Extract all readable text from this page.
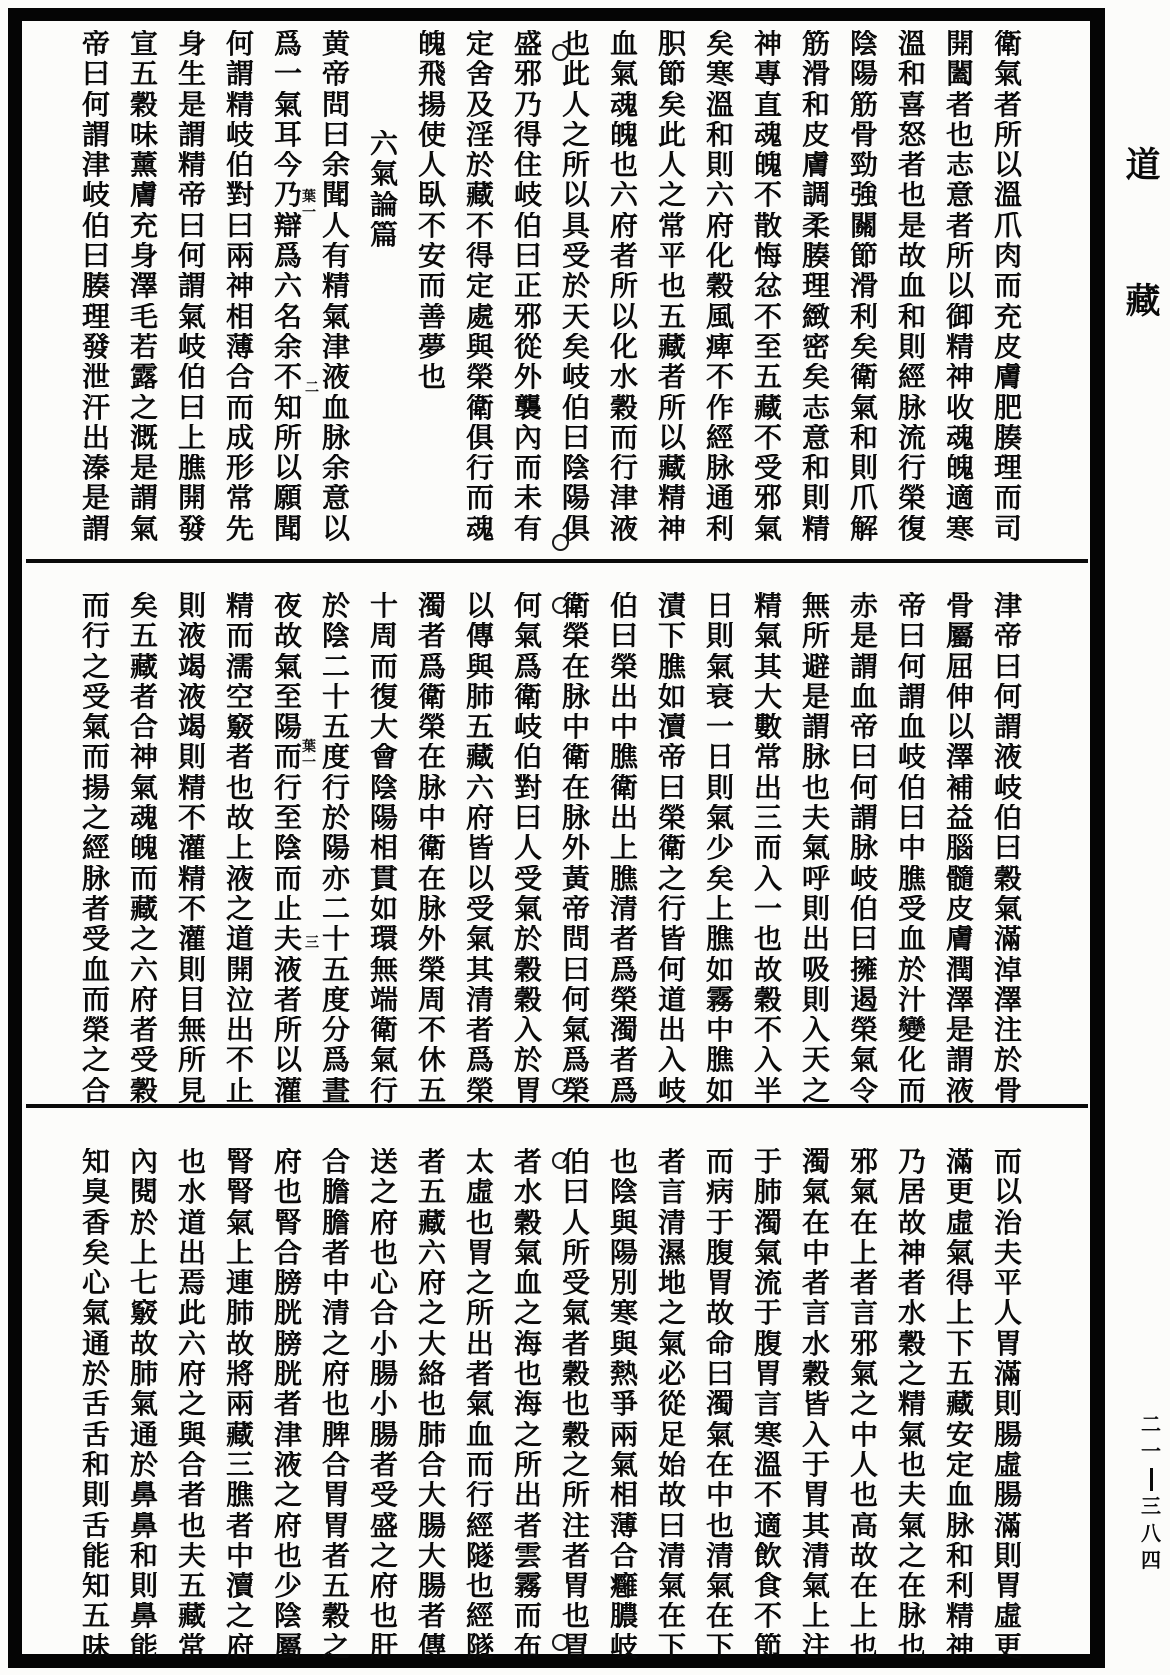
衛
氣
者
所
以
溫
爪
肉
而
充
皮
膚
肥
腠
理
而
司
開
闔
者
也
志
意
者
所
以
御
精
神
收
魂
魄
適
寒
溫
和
喜
怒
者
也
是
故
血
和
則
經
脉
流
行
榮
復
陰
陽
筋
骨
勁
強
關
節
滑
利
矣
衛
氣
和
則
爪
解
筋
滑
和
皮
膚
調
柔
腠
理
緻
密
矣
志
意
和
則
精
神
專
直
魂
魄
不
散
悔
忿
不
至
五
藏
不
受
邪
氣
矣
寒
溫
和
則
六
府
化
穀
風
痺
不
作
經
脉
通
利
胑
節
矣
此
人
之
常
平
也
五
藏
者
所
以
藏
精
神
血
氣
魂
魄
也
六
府
者
所
以
化
水
穀
而
行
津
液
也
此
人
之
所
以
具
受
於
天
矣
岐
伯
曰
陰
陽
俱
盛
邪
乃
得
住
岐
伯
曰
正
邪
從
外
襲
內
而
未
有
定
舍
及
淫
於
藏
不
得
定
處
與
榮
衛
俱
行
而
魂
魄
飛
揚
使
人
臥
不
安
而
善
夢
也
六
氣
論
篇
黄
帝
問
曰
余
聞
人
有
精
氣
津
液
血
脉
余
意
以
爲
一
氣
耳
今
乃
辯
爲
六
名
余
不
知
所
以
願
聞
何
謂
精
岐
伯
對
曰
兩
神
相
薄
合
而
成
形
常
先
身
生
是
謂
精
帝
曰
何
謂
氣
岐
伯
曰
上
膲
開
發
宣
五
穀
味
薰
膚
充
身
澤
毛
若
露
之
溉
是
謂
氣
帝
曰
何
謂
津
岐
伯
曰
腠
理
發
泄
汗
出
溱
是
謂
津
帝
曰
何
謂
液
岐
伯
曰
穀
氣
滿
淖
澤
注
於
骨
骨
屬
屈
伸
以
澤
補
益
腦
髓
皮
膚
潤
澤
是
謂
液
帝
曰
何
謂
血
岐
伯
曰
中
膲
受
血
於
汁
變
化
而
赤
是
謂
血
帝
曰
何
謂
脉
岐
伯
曰
擁
遏
榮
氣
令
無
所
避
是
謂
脉
也
夫
氣
呼
則
出
吸
則
入
天
之
精
氣
其
大
數
常
出
三
而
入
一
也
故
穀
不
入
半
日
則
氣
衰
一
日
則
氣
少
矣
上
膲
如
霧
中
膲
如
漬
下
膲
如
瀆
帝
曰
榮
衛
之
行
皆
何
道
出
入
岐
伯
曰
榮
出
中
膲
衛
出
上
膲
清
者
爲
榮
濁
者
爲
衛
榮
在
脉
中
衛
在
脉
外
黃
帝
問
曰
何
氣
爲
榮
何
氣
爲
衛
岐
伯
對
曰
人
受
氣
於
穀
穀
入
於
胃
以
傳
與
肺
五
藏
六
府
皆
以
受
氣
其
清
者
爲
榮
濁
者
爲
衛
榮
在
脉
中
衛
在
脉
外
榮
周
不
休
五
十
周
而
復
大
會
陰
陽
相
貫
如
環
無
端
衛
氣
行
於
陰
二
十
五
度
行
於
陽
亦
二
十
五
度
分
爲
晝
夜
故
氣
至
陽
而
行
至
陰
而
止
夫
液
者
所
以
灌
精
而
濡
空
竅
者
也
故
上
液
之
道
開
泣
出
不
止
則
液
竭
液
竭
則
精
不
灌
精
不
灌
則
目
無
所
見
矣
五
藏
者
合
神
氣
魂
魄
而
藏
之
六
府
者
受
穀
而
行
之
受
氣
而
揚
之
經
脉
者
受
血
而
榮
之
合
而
以
治
夫
平
人
胃
滿
則
腸
虛
腸
滿
則
胃
虛
更
滿
更
虛
氣
得
上
下
五
藏
安
定
血
脉
和
利
精
神
乃
居
故
神
者
水
穀
之
精
氣
也
夫
氣
之
在
脉
也
邪
氣
在
上
者
言
邪
氣
之
中
人
也
高
故
在
上
也
濁
氣
在
中
者
言
水
穀
皆
入
于
胃
其
清
氣
上
注
于
肺
濁
氣
流
于
腹
胃
言
寒
溫
不
適
飲
食
不
節
而
病
于
腹
胃
故
命
曰
濁
氣
在
中
也
清
氣
在
下
者
言
清
濕
地
之
氣
必
從
足
始
故
曰
清
氣
在
下
也
陰
與
陽
別
寒
與
熱
爭
兩
氣
相
薄
合
癰
膿
岐
伯
曰
人
所
受
氣
者
穀
也
穀
之
所
注
者
胃
也
胃
者
水
穀
氣
血
之
海
也
海
之
所
出
者
雲
霧
而
布
太
虛
也
胃
之
所
出
者
氣
血
而
行
經
隧
也
經
隧
者
五
藏
六
府
之
大
絡
也
肺
合
大
腸
大
腸
者
傳
送
之
府
也
心
合
小
腸
小
腸
者
受
盛
之
府
也
肝
合
膽
膽
者
中
清
之
府
也
脾
合
胃
胃
者
五
穀
之
府
也
腎
合
膀
胱
膀
胱
者
津
液
之
府
也
少
陰
屬
腎
腎
氣
上
連
肺
故
將
兩
藏
三
膲
者
中
瀆
之
府
也
水
道
出
焉
此
六
府
之
與
合
者
也
夫
五
藏
常
內
閱
於
上
七
竅
故
肺
氣
通
於
鼻
鼻
和
則
鼻
能
知
臭
香
矣
心
氣
通
於
舌
舌
和
則
舌
能
知
五
味
葉
一
二
葉
一
三
道
藏
二
一
三
八
四
